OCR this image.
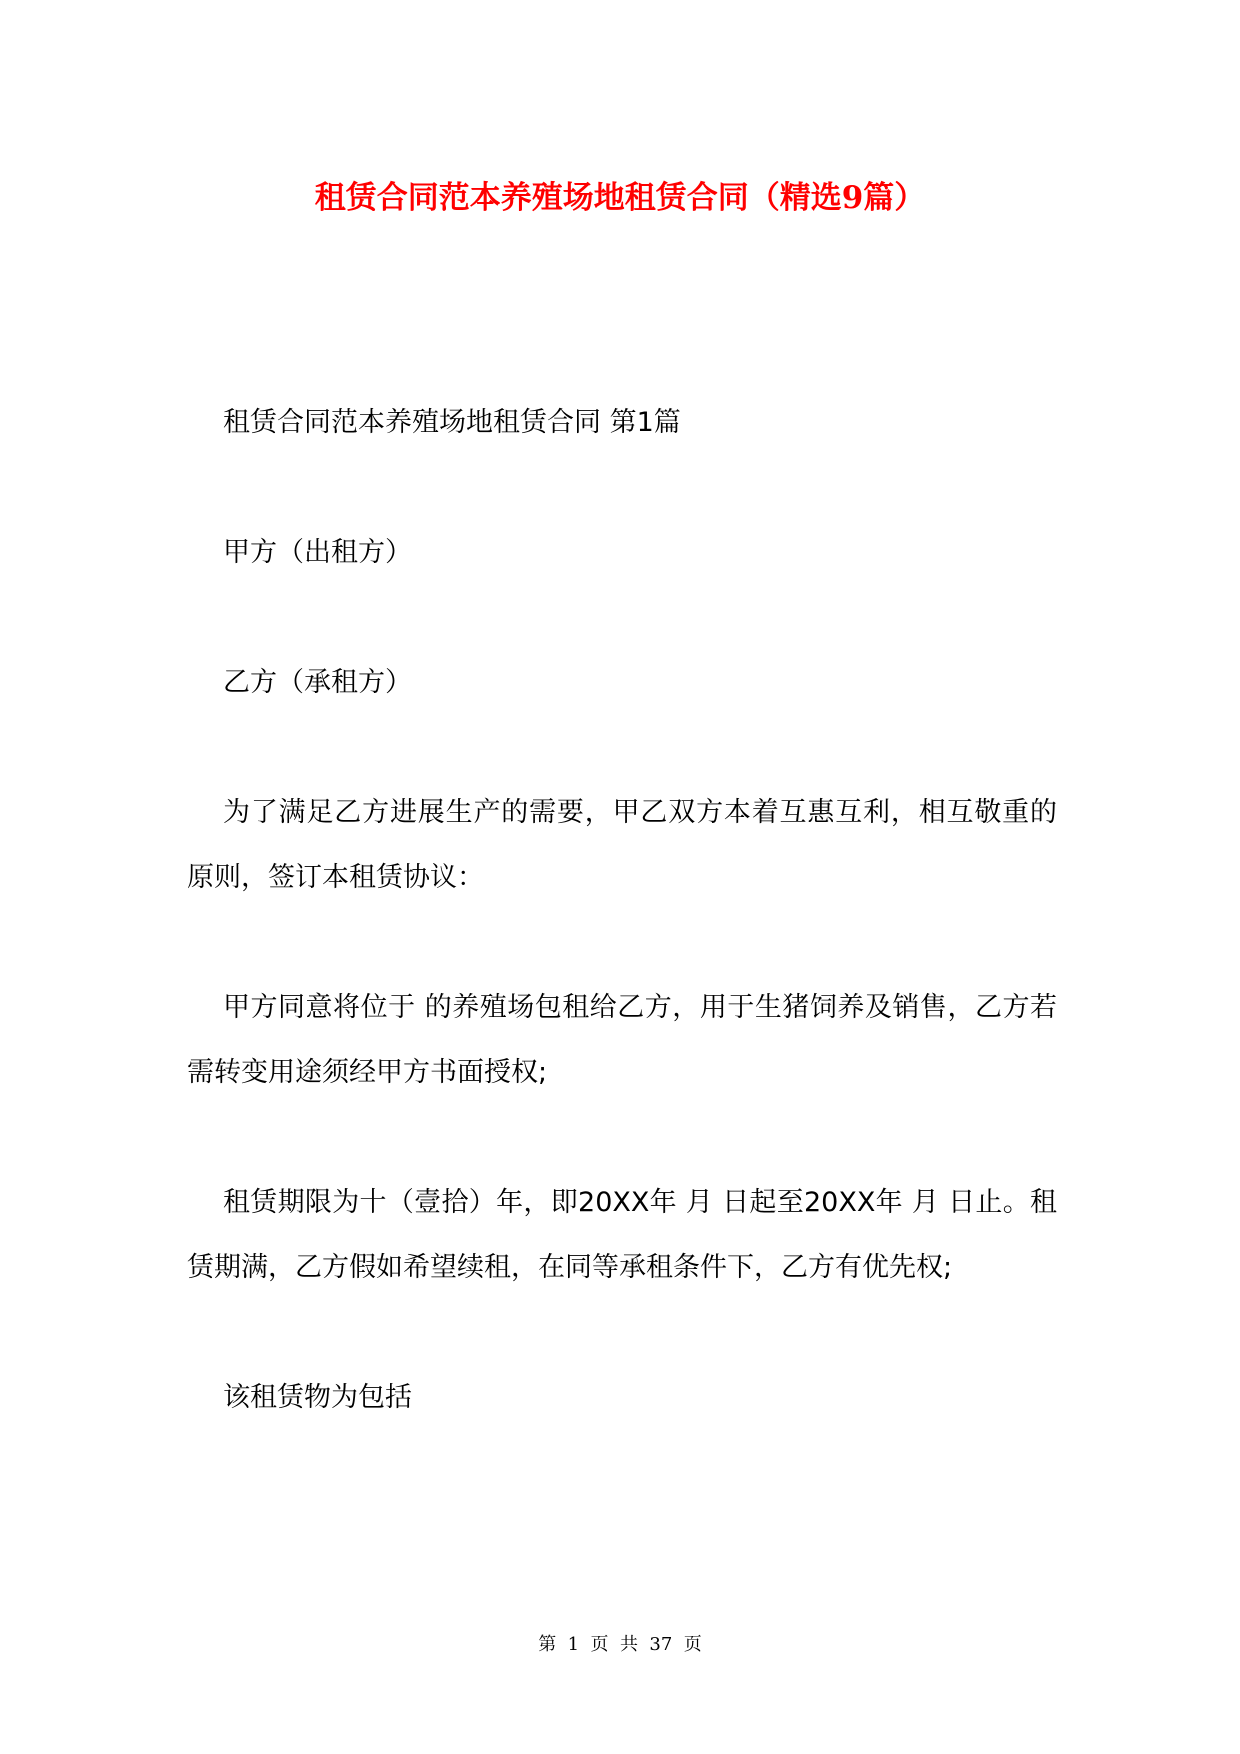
租赁合同范本养殖场地租赁合同（精选9篇）

租赁合同范本养殖场地租赁合同 第1篇

甲方（出租方）

乙方（承租方）

为了满足乙方进展生产的需要，甲乙双方本着互惠互利，相互敬重的原则，签订本租赁协议：

甲方同意将位于 的养殖场包租给乙方，用于生猪饲养及销售，乙方若需转变用途须经甲方书面授权;

租赁期限为十（壹拾）年，即20XX年 月 日起至20XX年 月 日止。租赁期满，乙方假如希望续租，在同等承租条件下，乙方有优先权;

该租赁物为包括

第  1  页  共  37  页
